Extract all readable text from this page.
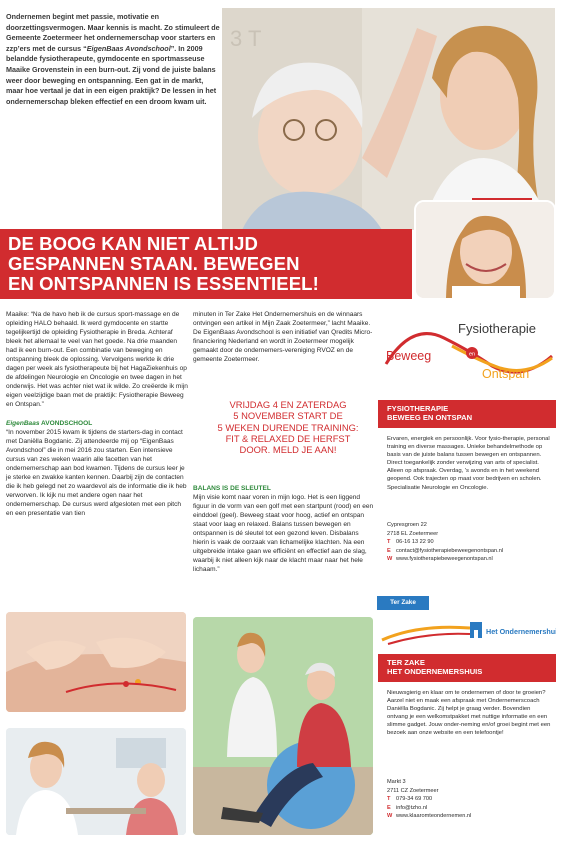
Ondernemen begint met passie, motivatie en doorzettingsvermogen. Maar kennis is macht. Zo stimuleert de Gemeente Zoetermeer het ondernemerschap voor starters en zzp’ers met de cursus “EigenBaas Avondschool”. In 2009 belandde fysiotherapeute, gymdocente en sportmasseuse Maaike Grovenstein in een burn-out. Zij vond de juiste balans weer door beweging en ontspanning. Een gat in de markt, maar hoe vertaal je dat in een eigen praktijk? De lessen in het ondernemerschap bleken effectief en een droom kwam uit.
3 T
DE BOOG KAN NIET ALTIJD
GESPANNEN STAAN. BEWEGEN
EN ONTSPANNEN IS ESSENTIEEL!

Maaike: “Na de havo heb ik de cursus sport-massage en de opleiding HALO behaald. Ik werd gymdocente en startte tegelijkertijd de opleiding Fysiotherapie in Breda. Achteraf bleek het allemaal te veel van het goede. Na drie maanden had ik een burn-out. Een combinatie van beweging en ontspanning bleek de oplossing. Vervolgens werkte ik drie dagen per week als fysiotherapeute bij het HagaZiekenhuis op de afdelingen Neurologie en Oncologie en twee dagen in het onderwijs. Het was achter niet wat ik wilde. Zo creëerde ik mijn eigen veelzijdige baan met de praktijk: Fysiotherapie Beweeg en Ontspan.”

EigenBaas AVONDSCHOOL

“In november 2015 kwam ik tijdens de starters-dag in contact met Daniëlla Bogdanic. Zij attendeerde mij op “EigenBaas Avondschool” die in mei 2016 zou starten. Een intensieve cursus van zes weken waarin alle facetten van het ondernemerschap aan bod kwamen. Tijdens de cursus leer je je sterke en zwakke kanten kennen. Daarbij zijn de contacten die ik heb gelegd net zo waardevol als de informatie die ik heb verworven. Ik kijk nu met andere ogen naar het ondernemerschap. De cursus werd afgesloten met een pitch en een presentatie van tien

minuten in Ter Zake Het Ondernemershuis en de winnaars ontvingen een artikel in Mijn Zaak Zoetermeer,” lacht Maaike. De EigenBaas Avondschool is een initiatief van Qredits Micro-financiering Nederland en wordt in Zoetermeer mogelijk gemaakt door de ondernemers-vereniging RVOZ en de gemeente Zoetermeer.

VRIJDAG 4 EN ZATERDAG
5 NOVEMBER START DE
5 WEKEN DURENDE TRAINING:
FIT & RELAXED DE HERFST
DOOR. MELD JE AAN!

BALANS IS DE SLEUTEL

Mijn visie komt naar voren in mijn logo. Het is een liggend figuur in de vorm van een golf met een startpunt (rood) en een einddoel (geel). Beweeg staat voor hoog, actief en ontspan staat voor laag en relaxed. Balans tussen bewegen en ontspannen is dé sleutel tot een gezond leven. Disbalans hierin is vaak de oorzaak van lichamelijke klachten. Na een uitgebreide intake gaan we efficiënt en effectief aan de slag, waarbij ik niet alleen kijk naar de klacht maar naar het hele lichaam.”

en
Fysiotherapie
Beweeg
Ontspan
FYSIOTHERAPIE
BEWEEG EN ONTSPAN
Ervaren, energiek en persoonlijk. Voor fysio-therapie, personal training en diverse massages. Unieke behandelmethode op basis van de juiste balans tussen bewegen en ontspannen. Direct toegankelijk zonder verwijzing van arts of specialist. Alleen op afspraak. Overdag, 's avonds en in het weekend geopend. Ook trajecten op maat voor bedrijven en scholen. Specialisatie Neurologie en Oncologie.
Cypresgroen 22
2718 EL Zoetermeer
T 06-16 13 22 90
E contact@fysiotherapiebeweegenontspan.nl
W www.fysiotherapiebeweegenontspan.nl
Ter Zake
Het Ondernemershuis
TER ZAKE
HET ONDERNEMERSHUIS
Nieuwsgierig en klaar om te ondernemen of door te groeien? Aarzel niet en maak een afspraak met Ondernemerscoach Daniëlla Bogdanic. Zij helpt je graag verder. Bovendien ontvang je een welkomstpakket met nuttige informatie en een slimme gadget. Jouw onder-neming en/of groei begint met een bezoek aan onze website en een telefoontje!
Markt 3
2711 CZ Zoetermeer
T 079-34 69 700
E info@tzho.nl
W www.klaaromteondernemen.nl
